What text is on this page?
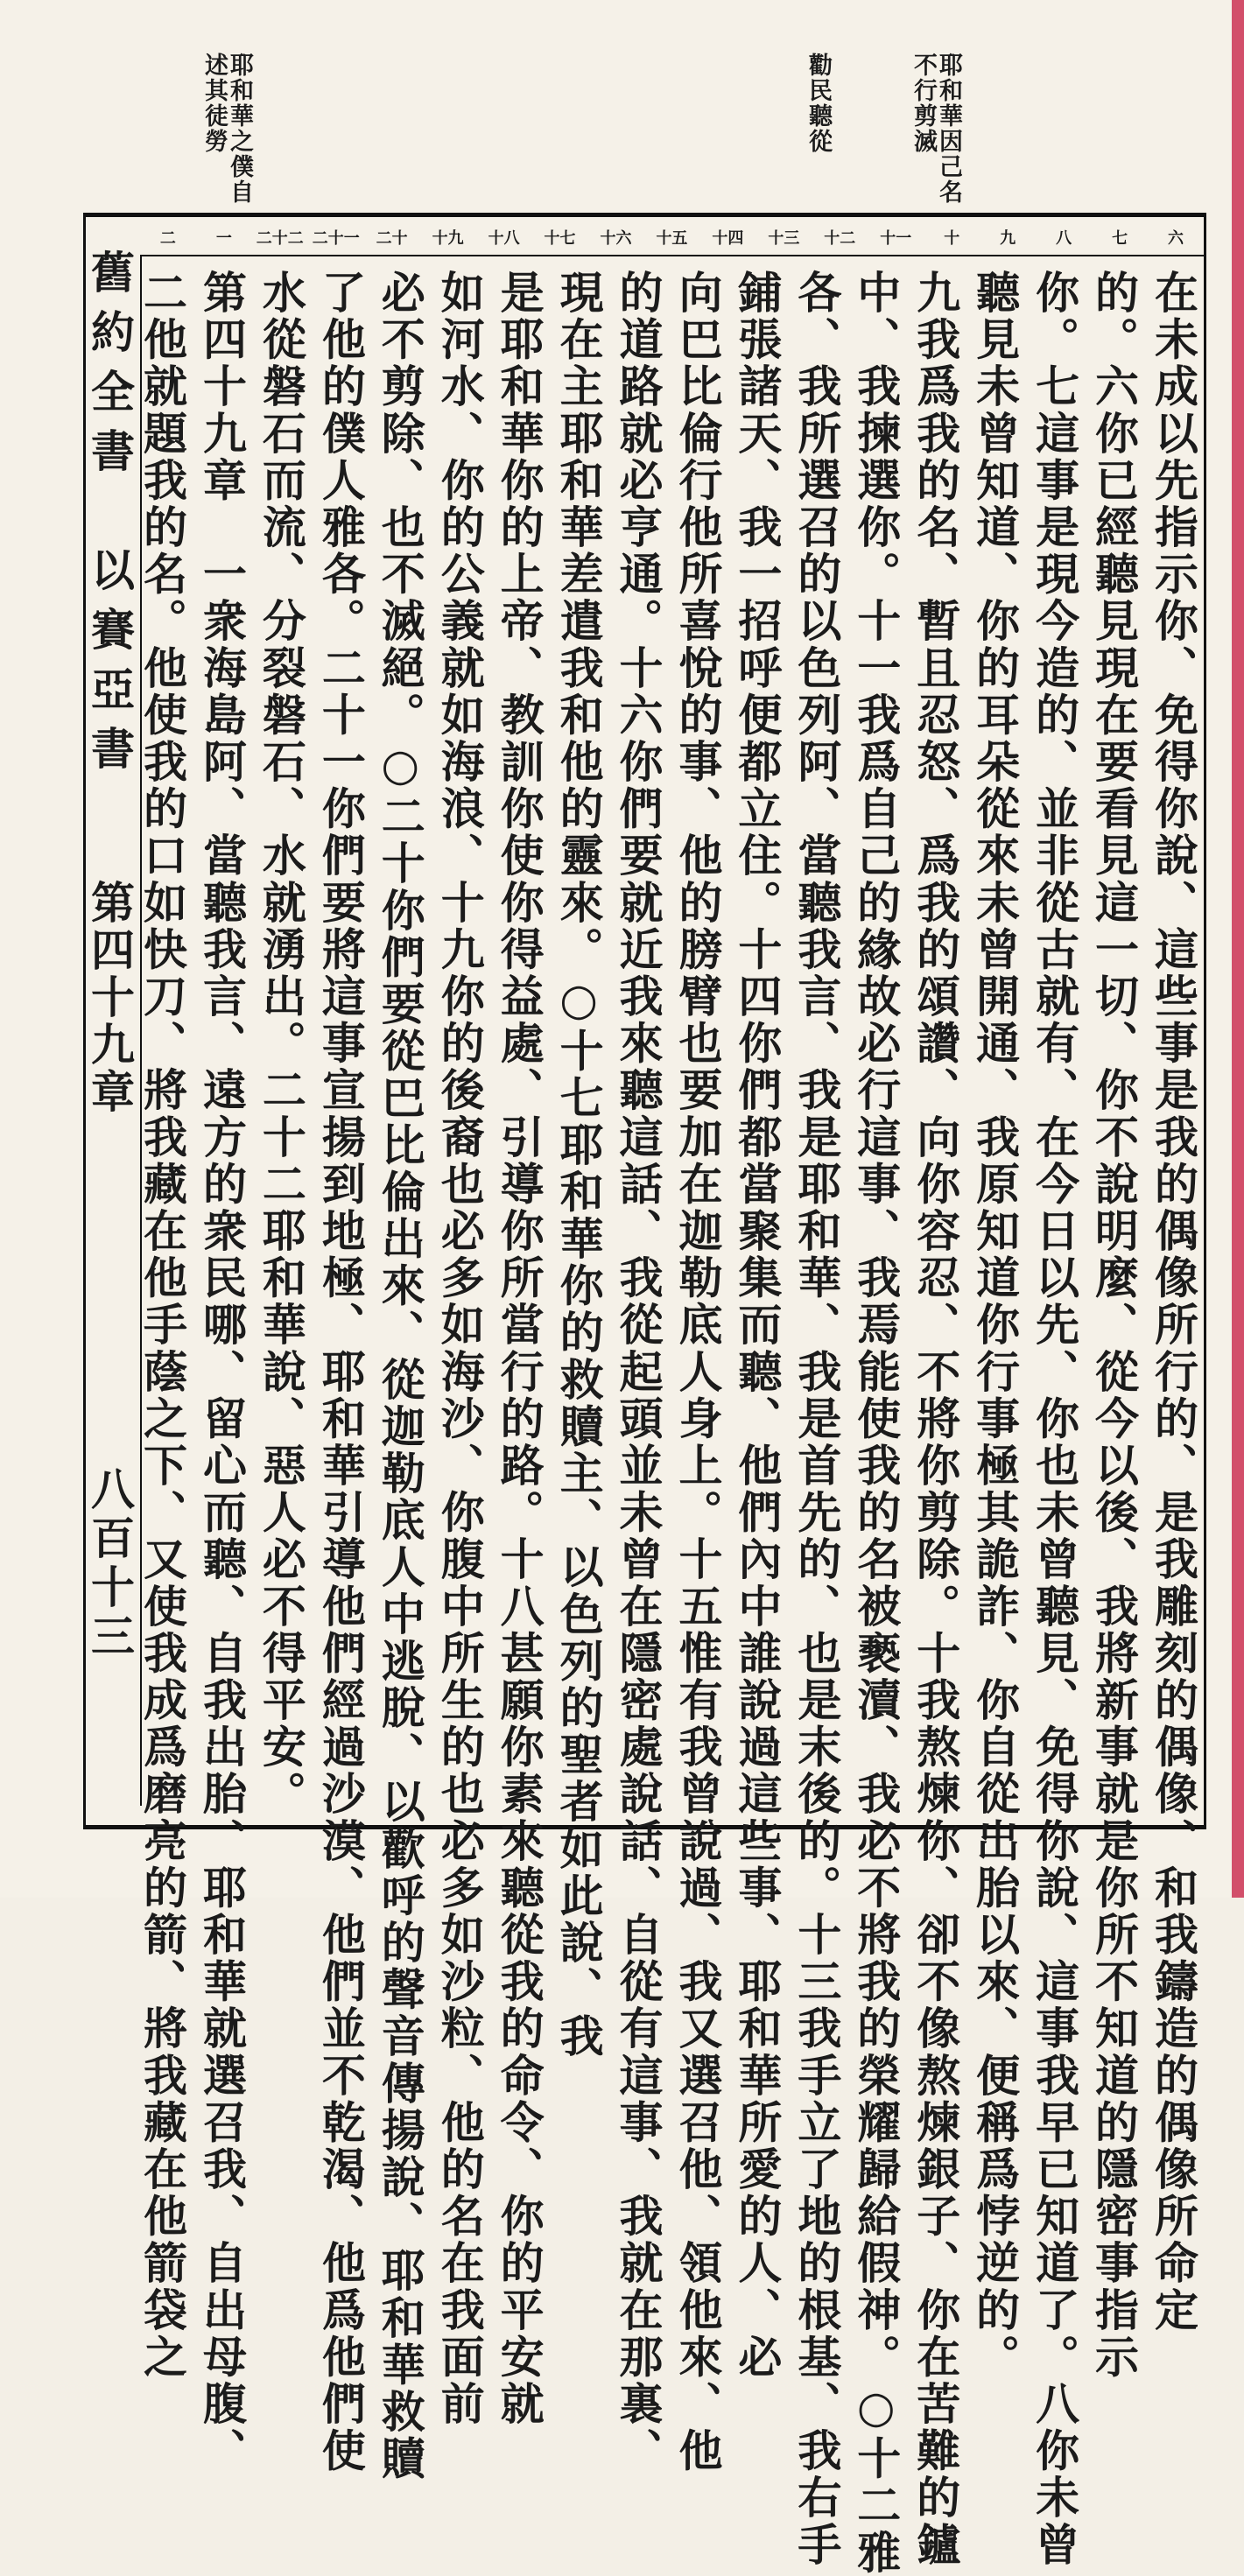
耶和華因己名不行剪滅
勸民聽從
耶和華之僕自述其徒勞
舊約全書　以賽亞書
第四十九章
八百十三
六
七
八
九
十
十一
十二
十三
十四
十五
十六
十七
十八
十九
二十
二十一
二十二
一
二
在未成以先指示你、免得你說、這些事是我的偶像所行的、是我雕刻的偶像、和我鑄造的偶像所命定
的。六你已經聽見現在要看見這一切、你不說明麼、從今以後、我將新事就是你所不知道的隱密事指示
你。七這事是現今造的、並非從古就有、在今日以先、你也未曾聽見、免得你說、這事我早已知道了。八你未曾
聽見未曾知道、你的耳朵從來未曾開通、我原知道你行事極其詭詐、你自從出胎以來、便稱爲悖逆的。
九我爲我的名、暫且忍怒、爲我的頌讚、向你容忍、不將你剪除。十我熬煉你、卻不像熬煉銀子、你在苦難的鑪
中、我揀選你。十一我爲自己的緣故必行這事、我焉能使我的名被褻瀆、我必不將我的榮耀歸給假神。○十二雅
各、我所選召的以色列阿、當聽我言、我是耶和華、我是首先的、也是末後的。十三我手立了地的根基、我右手
鋪張諸天、我一招呼便都立住。十四你們都當聚集而聽、他們內中誰說過這些事、耶和華所愛的人、必
向巴比倫行他所喜悅的事、他的膀臂也要加在迦勒底人身上。十五惟有我曾說過、我又選召他、領他來、他
的道路就必亨通。十六你們要就近我來聽這話、我從起頭並未曾在隱密處說話、自從有這事、我就在那裏、
現在主耶和華差遣我和他的靈來。○十七耶和華你的救贖主、以色列的聖者如此說、我
是耶和華你的上帝、教訓你使你得益處、引導你所當行的路。十八甚願你素來聽從我的命令、你的平安就
如河水、你的公義就如海浪、十九你的後裔也必多如海沙、你腹中所生的也必多如沙粒、他的名在我面前
必不剪除、也不滅絕。○二十你們要從巴比倫出來、從迦勒底人中逃脫、以歡呼的聲音傳揚說、耶和華救贖
了他的僕人雅各。二十一你們要將這事宣揚到地極、耶和華引導他們經過沙漠、他們並不乾渴、他爲他們使
水從磐石而流、分裂磐石、水就湧出。二十二耶和華說、惡人必不得平安。
第四十九章　一衆海島阿、當聽我言、遠方的衆民哪、留心而聽、自我出胎、耶和華就選召我、自出母腹、
二他就題我的名。他使我的口如快刀、將我藏在他手蔭之下、又使我成爲磨亮的箭、將我藏在他箭袋之
